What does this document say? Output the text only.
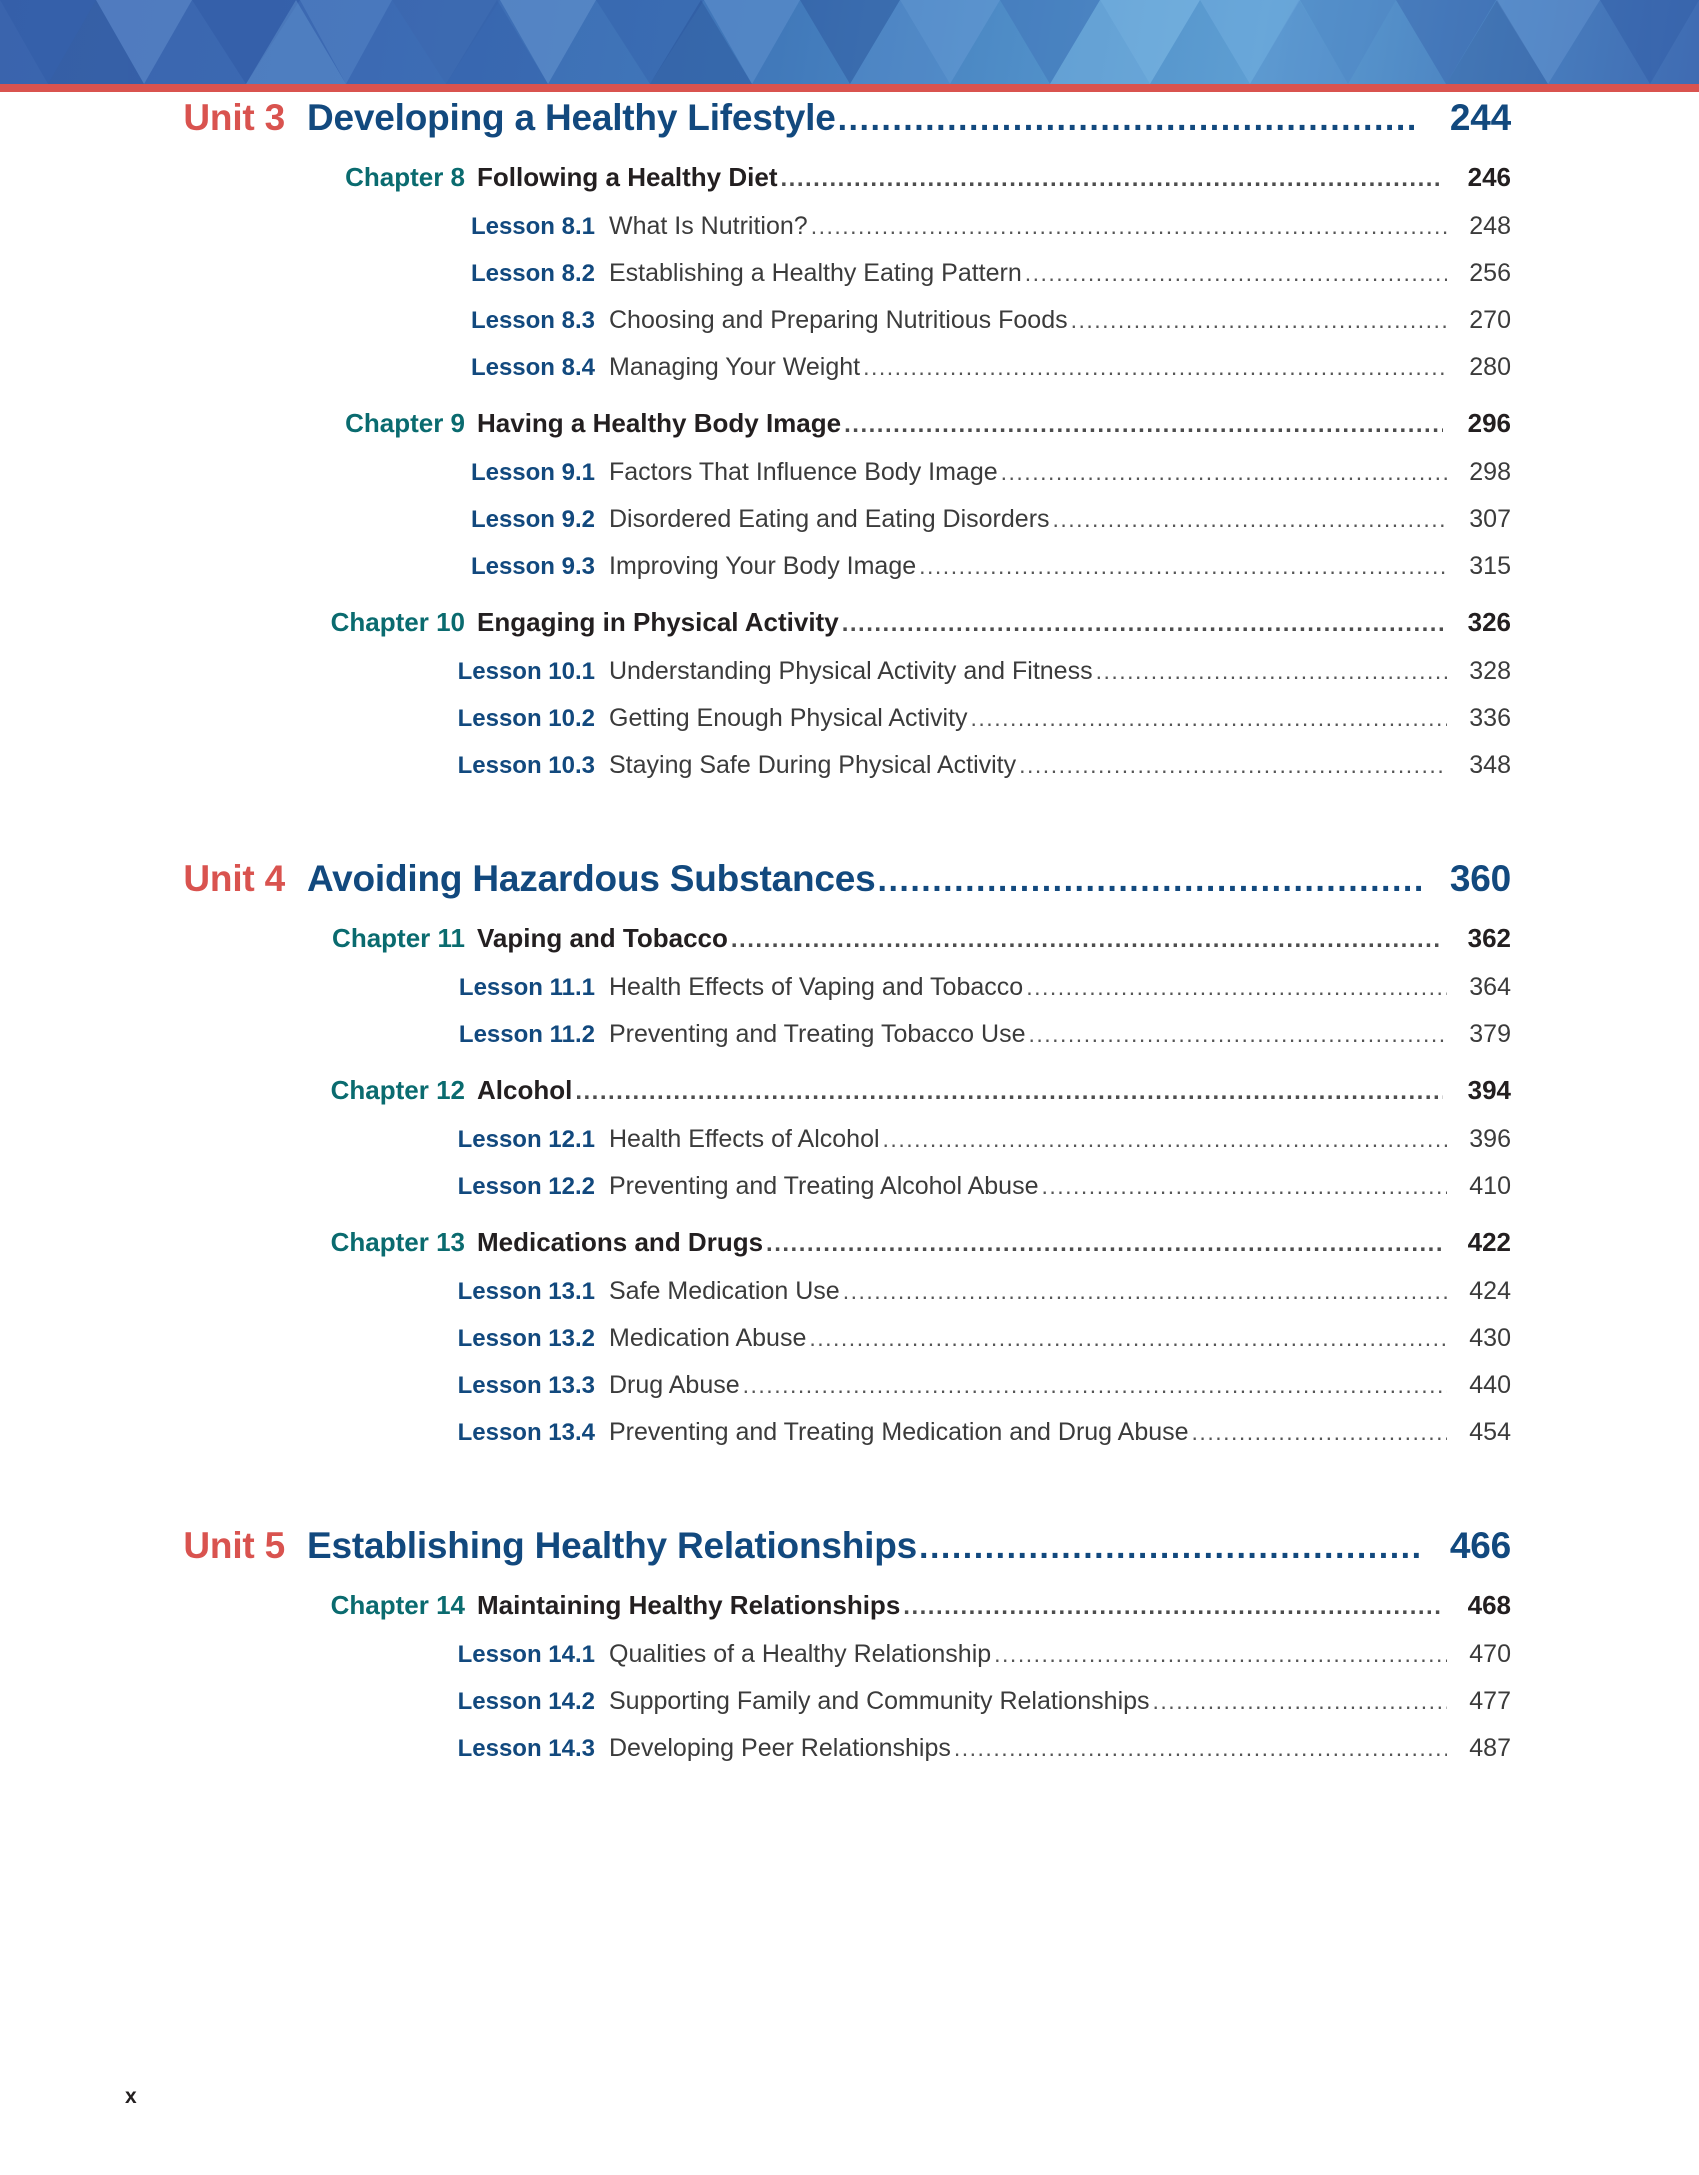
Unit 3 Developing a Healthy Lifestyle .....	244
Chapter 8 Following a Healthy Diet .....	246
Lesson 8.1 What Is Nutrition? .....	248
Lesson 8.2 Establishing a Healthy Eating Pattern .....	256
Lesson 8.3 Choosing and Preparing Nutritious Foods .....	270
Lesson 8.4 Managing Your Weight .....	280
Chapter 9 Having a Healthy Body Image .....	296
Lesson 9.1 Factors That Influence Body Image .....	298
Lesson 9.2 Disordered Eating and Eating Disorders .....	307
Lesson 9.3 Improving Your Body Image .....	315
Chapter 10 Engaging in Physical Activity .....	326
Lesson 10.1 Understanding Physical Activity and Fitness .....	328
Lesson 10.2 Getting Enough Physical Activity .....	336
Lesson 10.3 Staying Safe During Physical Activity .....	348
Unit 4 Avoiding Hazardous Substances .....	360
Chapter 11 Vaping and Tobacco .....	362
Lesson 11.1 Health Effects of Vaping and Tobacco .....	364
Lesson 11.2 Preventing and Treating Tobacco Use .....	379
Chapter 12 Alcohol .....	394
Lesson 12.1 Health Effects of Alcohol .....	396
Lesson 12.2 Preventing and Treating Alcohol Abuse .....	410
Chapter 13 Medications and Drugs .....	422
Lesson 13.1 Safe Medication Use .....	424
Lesson 13.2 Medication Abuse .....	430
Lesson 13.3 Drug Abuse .....	440
Lesson 13.4 Preventing and Treating Medication and Drug Abuse .....	454
Unit 5 Establishing Healthy Relationships .....	466
Chapter 14 Maintaining Healthy Relationships .....	468
Lesson 14.1 Qualities of a Healthy Relationship .....	470
Lesson 14.2 Supporting Family and Community Relationships .....	477
Lesson 14.3 Developing Peer Relationships .....	487
x
